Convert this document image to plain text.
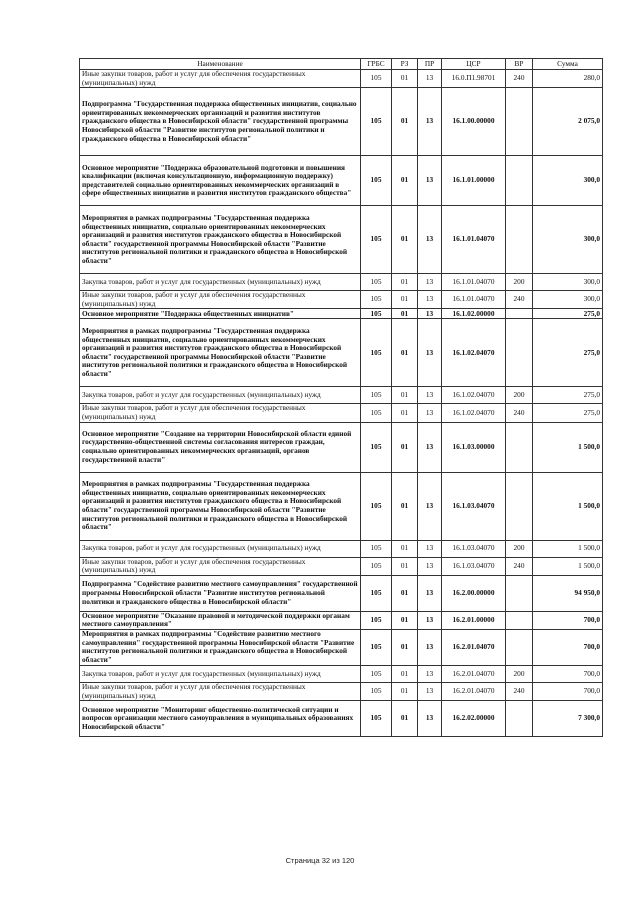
Наименование	ГРБС	РЗ	ПР	ЦСР	ВР	Сумма
Иные закупки товаров, работ и услуг для обеспечения государственных (муниципальных) нужд	105	01	13	16.0.П1.98701	240	280,0
Подпрограмма "Государственная поддержка общественных инициатив, социально ориентированных некоммерческих организаций и развития институтов гражданского общества в Новосибирской области" государственной программы Новосибирской области "Развитие институтов региональной политики и гражданского общества в Новосибирской области"	105	01	13	16.1.00.00000		2 075,0
Основное мероприятие "Поддержка образовательной подготовки и повышения квалификации (включая консультационную, информационную поддержку) представителей социально ориентированных некоммерческих организаций в сфере общественных инициатив и развития институтов гражданского общества"	105	01	13	16.1.01.00000		300,0
Мероприятия в рамках подпрограммы "Государственная поддержка общественных инициатив, социально ориентированных некоммерческих организаций и развития институтов гражданского общества в Новосибирской области" государственной программы Новосибирской области "Развитие институтов региональной политики и гражданского общества в Новосибирской области"	105	01	13	16.1.01.04070		300,0
Закупка товаров, работ и услуг для государственных (муниципальных) нужд	105	01	13	16.1.01.04070	200	300,0
Иные закупки товаров, работ и услуг для обеспечения государственных (муниципальных) нужд	105	01	13	16.1.01.04070	240	300,0
Основное мероприятие "Поддержка общественных инициатив"	105	01	13	16.1.02.00000		275,0
Мероприятия в рамках подпрограммы "Государственная поддержка общественных инициатив, социально ориентированных некоммерческих организаций и развития институтов гражданского общества в Новосибирской области" государственной программы Новосибирской области "Развитие институтов региональной политики и гражданского общества в Новосибирской области"	105	01	13	16.1.02.04070		275,0
Закупка товаров, работ и услуг для государственных (муниципальных) нужд	105	01	13	16.1.02.04070	200	275,0
Иные закупки товаров, работ и услуг для обеспечения государственных (муниципальных) нужд	105	01	13	16.1.02.04070	240	275,0
Основное мероприятие "Создание на территории Новосибирской области единой государственно-общественной системы согласования интересов граждан, социально ориентированных некоммерческих организаций, органов государственной власти"	105	01	13	16.1.03.00000		1 500,0
Мероприятия в рамках подпрограммы "Государственная поддержка общественных инициатив, социально ориентированных некоммерческих организаций и развития институтов гражданского общества в Новосибирской области" государственной программы Новосибирской области "Развитие институтов региональной политики и гражданского общества в Новосибирской области"	105	01	13	16.1.03.04070		1 500,0
Закупка товаров, работ и услуг для государственных (муниципальных) нужд	105	01	13	16.1.03.04070	200	1 500,0
Иные закупки товаров, работ и услуг для обеспечения государственных (муниципальных) нужд	105	01	13	16.1.03.04070	240	1 500,0
Подпрограмма "Содействие развитию местного самоуправления" государственной программы Новосибирской области "Развитие институтов региональной политики и гражданского общества в Новосибирской области"	105	01	13	16.2.00.00000		94 950,0
Основное мероприятие "Оказание правовой и методической поддержки органам местного самоуправления"	105	01	13	16.2.01.00000		700,0
Мероприятия в рамках подпрограммы "Содействие развитию местного самоуправления" государственной программы Новосибирской области "Развитие институтов региональной политики и гражданского общества в Новосибирской области"	105	01	13	16.2.01.04070		700,0
Закупка товаров, работ и услуг для государственных (муниципальных) нужд	105	01	13	16.2.01.04070	200	700,0
Иные закупки товаров, работ и услуг для обеспечения государственных (муниципальных) нужд	105	01	13	16.2.01.04070	240	700,0
Основное мероприятие "Мониторинг общественно-политической ситуации и вопросов организации местного самоуправления в муниципальных образованиях Новосибирской области"	105	01	13	16.2.02.00000		7 300,0
Страница 32 из 120
